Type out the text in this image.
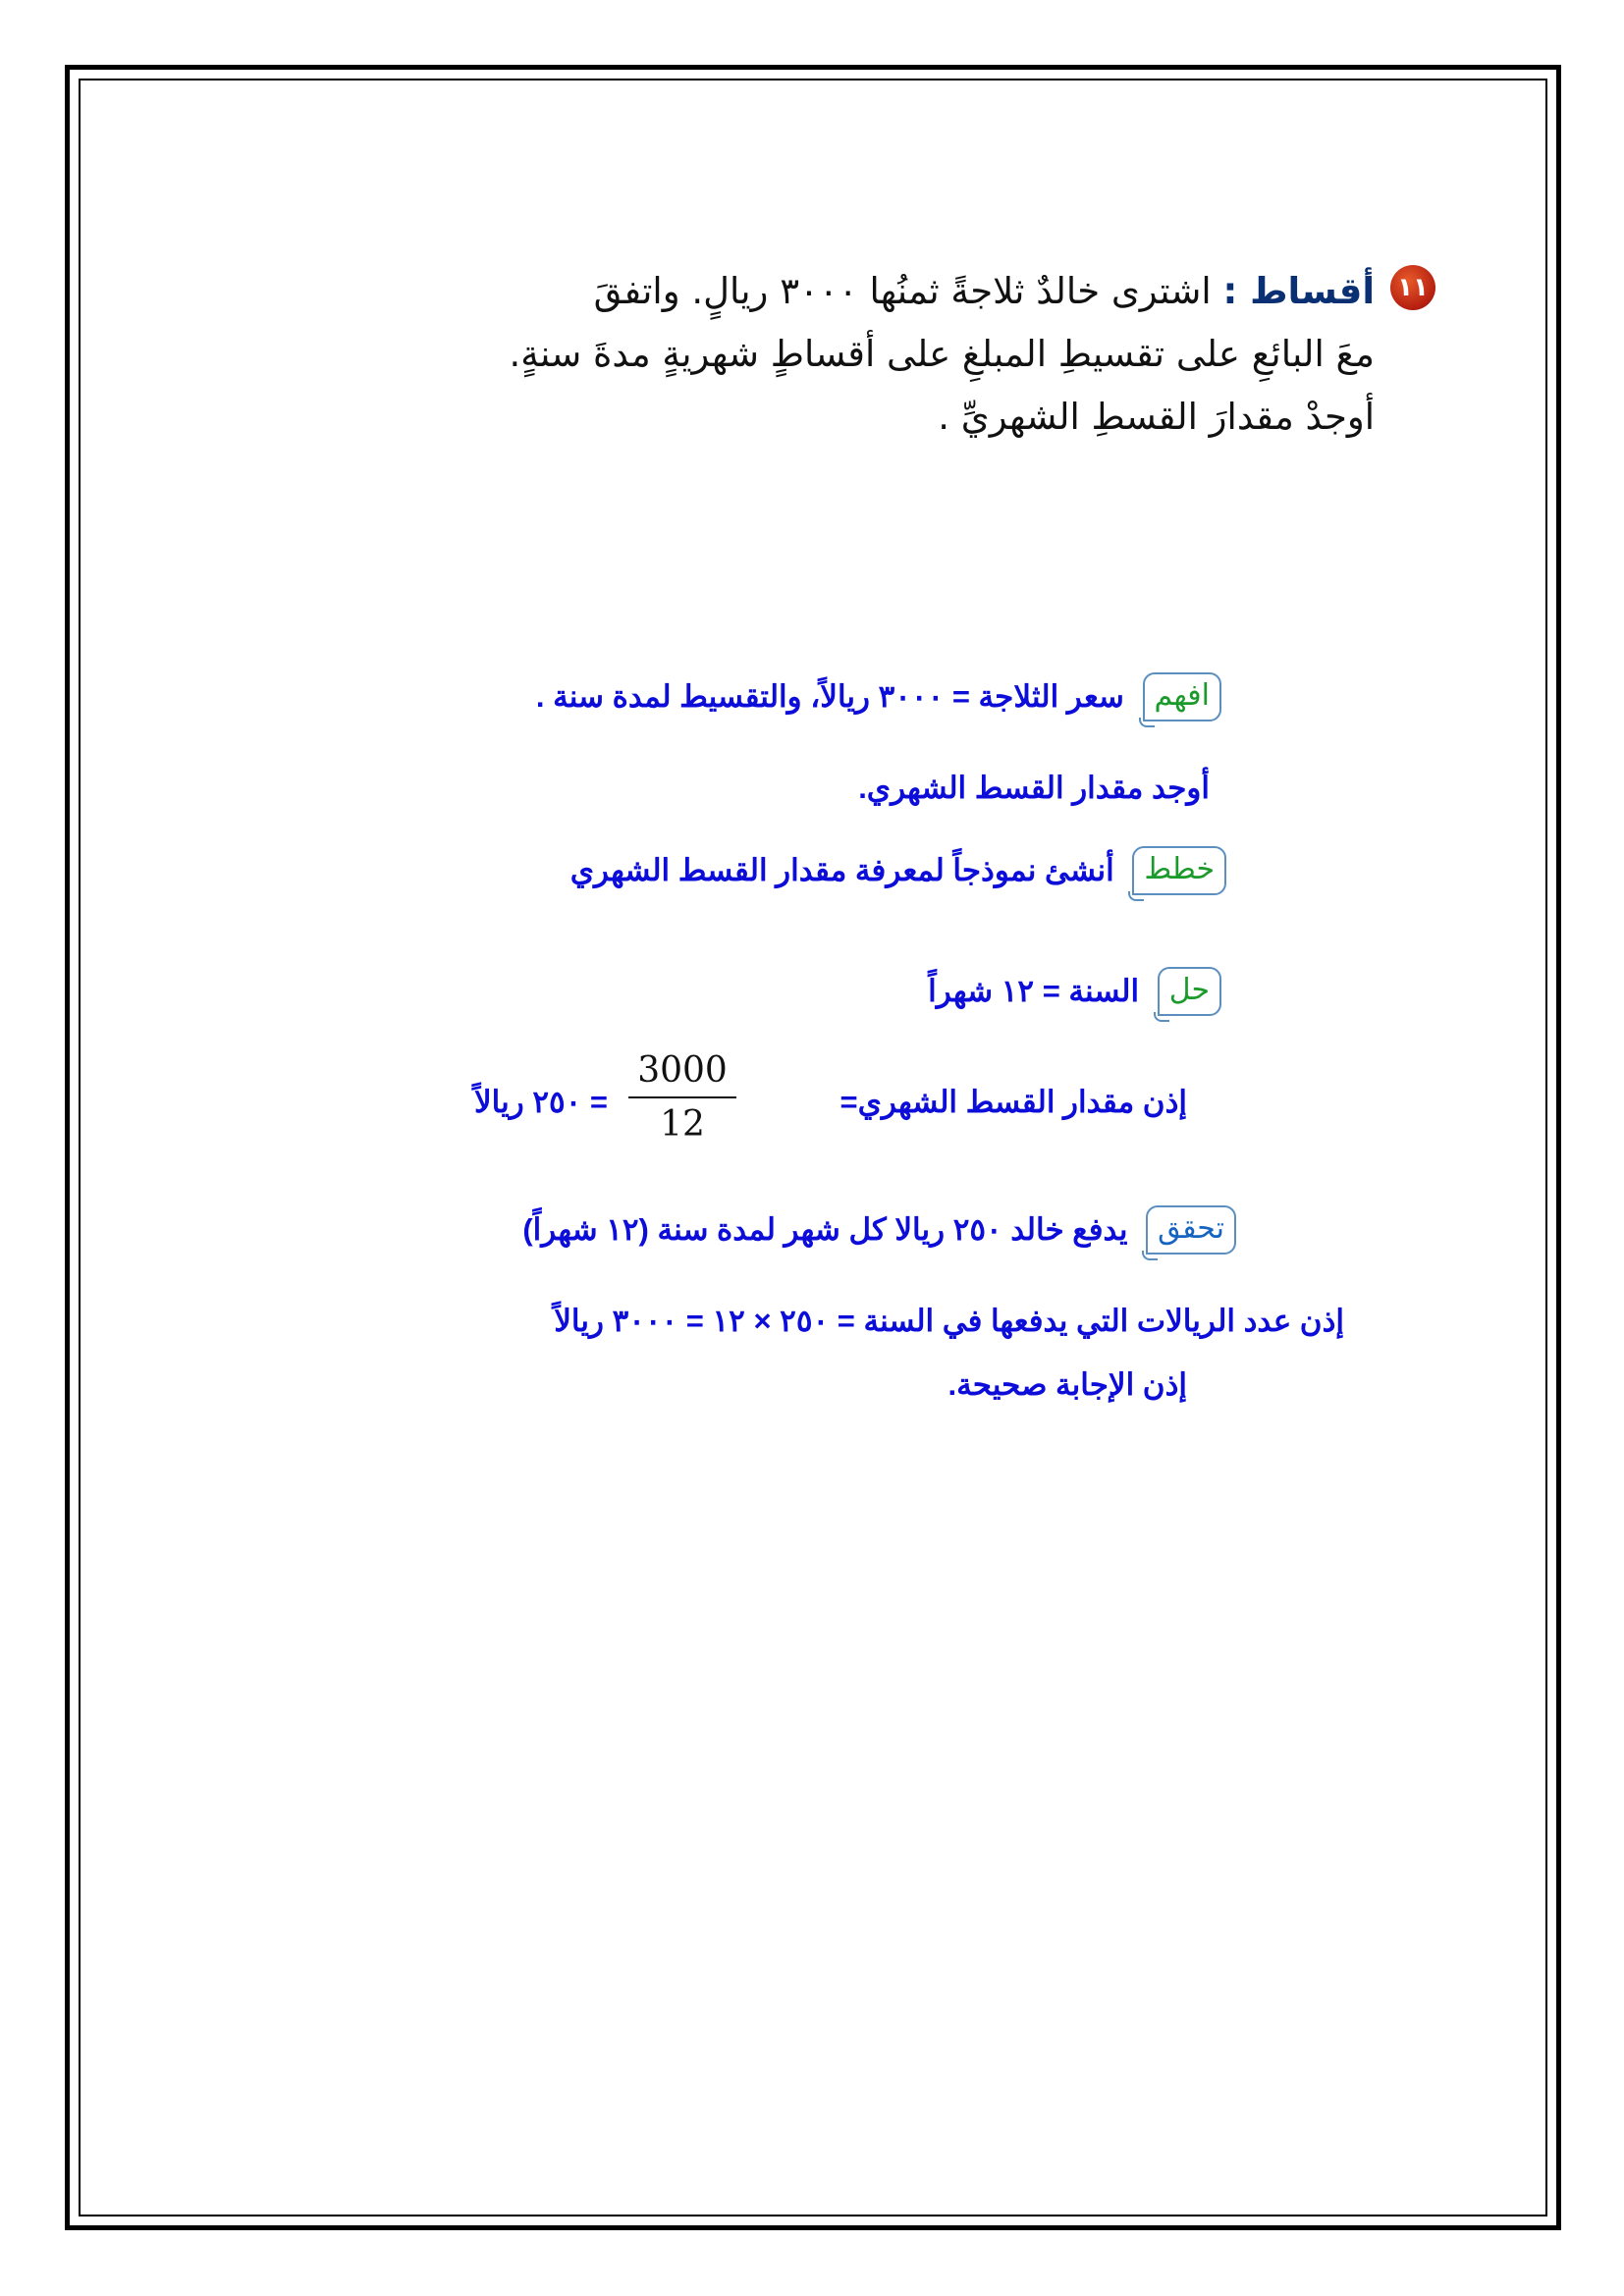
١١
أقساط : اشترى خالدٌ ثلاجةً ثمنُها ٣٠٠٠ ريالٍ. واتفقَ
معَ البائعِ على تقسيطِ المبلغِ على أقساطٍ شهريةٍ مدةَ سنةٍ.
أوجدْ مقدارَ القسطِ الشهريِّ .
افهم سعر الثلاجة = ٣٠٠٠ ريالاً، والتقسيط لمدة سنة .
أوجد مقدار القسط الشهري.
خطط أنشئ نموذجاً لمعرفة مقدار القسط الشهري
حل السنة = ١٢ شهراً
إذن مقدار القسط الشهري=
3000
12
= ٢٥٠ ريالاً
تحقق يدفع خالد ٢٥٠ ريالا كل شهر لمدة سنة (١٢ شهراً)
إذن عدد الريالات التي يدفعها في السنة = ٢٥٠ × ١٢ = ٣٠٠٠ ريالاً
إذن الإجابة صحيحة.
